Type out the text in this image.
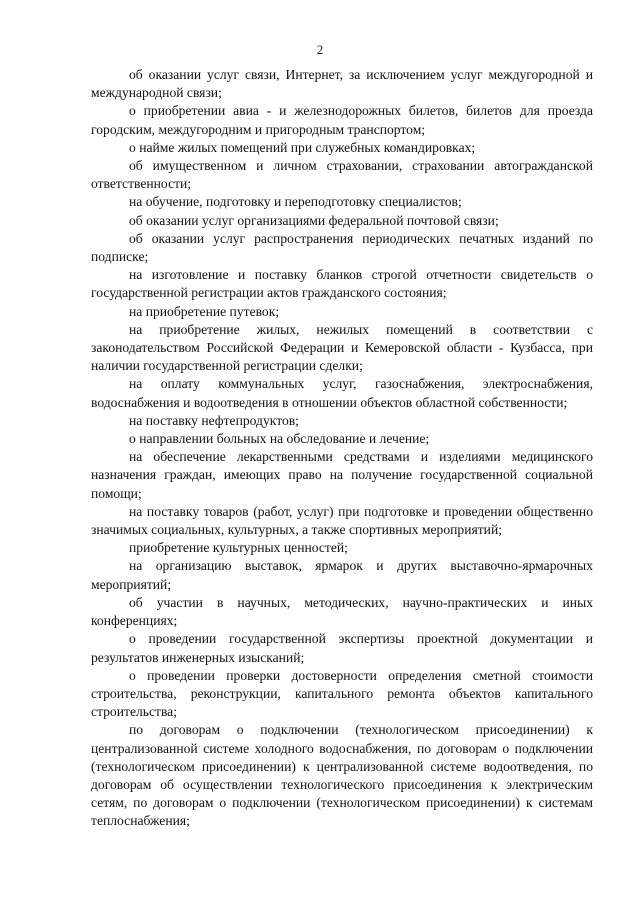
2

об оказании услуг связи, Интернет, за исключением услуг междугородной и международной связи;

о приобретении авиа - и железнодорожных билетов, билетов для проезда городским, междугородним и пригородным транспортом;

о найме жилых помещений при служебных командировках;

об имущественном и личном страховании, страховании автогражданской ответственности;

на обучение, подготовку и переподготовку специалистов;

об оказании услуг организациями федеральной почтовой связи;

об оказании услуг распространения периодических печатных изданий по подписке;

на изготовление и поставку бланков строгой отчетности свидетельств о государственной регистрации актов гражданского состояния;

на приобретение путевок;

на приобретение жилых, нежилых помещений в соответствии с законодательством Российской Федерации и Кемеровской области - Кузбасса, при наличии государственной регистрации сделки;

на оплату коммунальных услуг, газоснабжения, электроснабжения, водоснабжения и водоотведения в отношении объектов областной собственности;

на поставку нефтепродуктов;

о направлении больных на обследование и лечение;

на обеспечение лекарственными средствами и изделиями медицинского назначения граждан, имеющих право на получение государственной социальной помощи;

на поставку товаров (работ, услуг) при подготовке и проведении общественно значимых социальных, культурных, а также спортивных мероприятий;

приобретение культурных ценностей;

на организацию выставок, ярмарок и других выставочно-ярмарочных мероприятий;

об участии в научных, методических, научно-практических и иных конференциях;

о проведении государственной экспертизы проектной документации и результатов инженерных изысканий;

о проведении проверки достоверности определения сметной стоимости строительства, реконструкции, капитального ремонта объектов капитального строительства;

по договорам о подключении (технологическом присоединении) к централизованной системе холодного водоснабжения, по договорам о подключении (технологическом присоединении) к централизованной системе водоотведения, по договорам об осуществлении технологического присоединения к электрическим сетям, по договорам о подключении (технологическом присоединении) к системам теплоснабжения;
